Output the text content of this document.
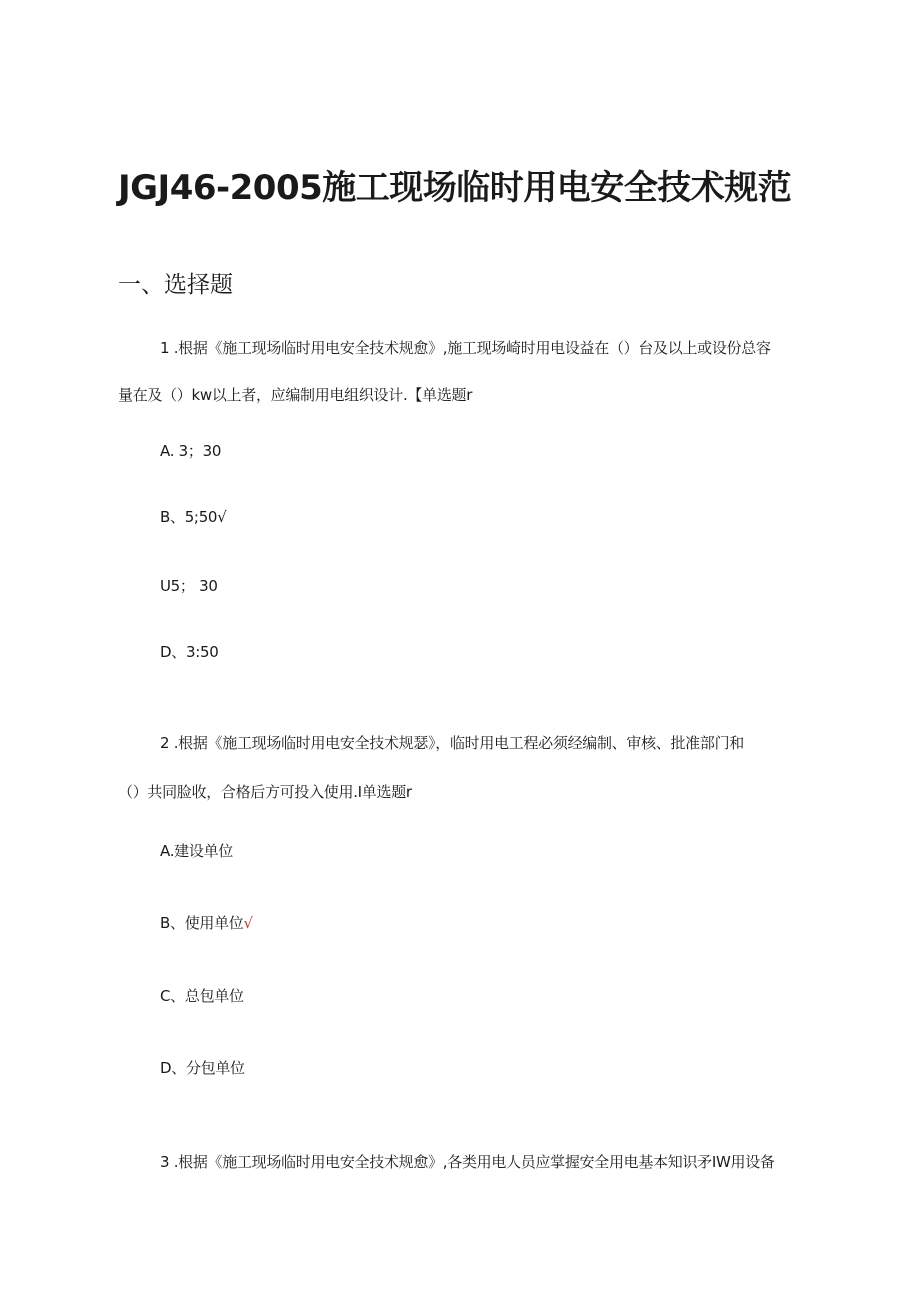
JGJ46-2005施工现场临时用电安全技术规范
一、选择题

1 .根据《施工现场临时用电安全技术规愈》,施工现场崎时用电设益在（）台及以上或设份总容

量在及（）kw以上者，应编制用电组织设计.【单选题r

A. 3；30

B、5;50√

U5； 30

D、3:50

2 .根据《施工现场临时用电安全技术规瑟》，临时用电工程必须经编制、审核、批准部门和

（）共同脸收，合格后方可投入使用.I单选题r

A.建设单位

B、使用单位√

C、总包单位

D、分包单位

3 .根据《施工现场临时用电安全技术规愈》,各类用电人员应掌握安全用电基本知识矛IW用设备
